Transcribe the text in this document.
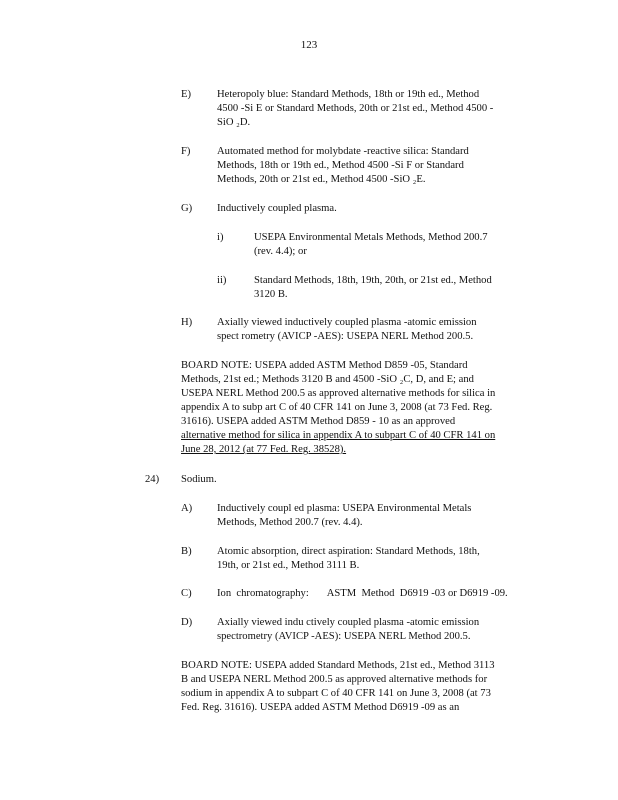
123
E) Heteropoly blue: Standard Methods, 18th or 19th ed., Method
4500 -Si E or Standard Methods, 20th or 21st ed., Method 4500 -
SiO ₂D.
F)	Automated method for molybdate -reactive silica: Standard
Methods, 18th or 19th ed., Method 4500 -Si F or Standard
Methods, 20th or 21st ed., Method 4500 -SiO ₂E.
G) Inductively coupled plasma.
i)	USEPA Environmental Metals Methods, Method 200.7
(rev. 4.4); or
ii)	Standard Methods, 18th, 19th, 20th, or 21st ed., Method
3120 B.
H) Axially viewed inductively coupled plasma -atomic emission
spect rometry (AVICP -AES): USEPA NERL Method 200.5.
BOARD NOTE: USEPA added ASTM Method D859 -05, Standard
Methods, 21st ed.; Methods 3120 B and 4500 -SiO ₂C, D, and E; and
USEPA NERL Method 200.5 as approved alternative methods for silica in
appendix A to subp art C of 40 CFR 141 on June 3, 2008 (at 73 Fed. Reg.
31616). USEPA added ASTM Method D859 - 10 as an approved
alternative method for silica in appendix A to subpart C of 40 CFR 141 on
June 28, 2012 (at 77 Fed. Reg. 38528).
24) Sodium.
A) Inductively coupl ed plasma: USEPA Environmental Metals
Methods, Method 200.7 (rev. 4.4).
B) Atomic absorption, direct aspiration: Standard Methods, 18th,
19th, or 21st ed., Method 3111 B.
C) Ion  chromatography:       ASTM  Method  D6919 -03 or D6919 -09.
D) Axially viewed indu ctively coupled plasma -atomic emission
spectrometry (AVICP -AES): USEPA NERL Method 200.5.
BOARD NOTE: USEPA added Standard Methods, 21st ed., Method 3113
B and USEPA NERL Method 200.5 as approved alternative methods for
sodium in appendix A to subpart C of 40 CFR 141 on June 3, 2008 (at 73
Fed. Reg. 31616). USEPA added ASTM Method D6919 -09 as an
